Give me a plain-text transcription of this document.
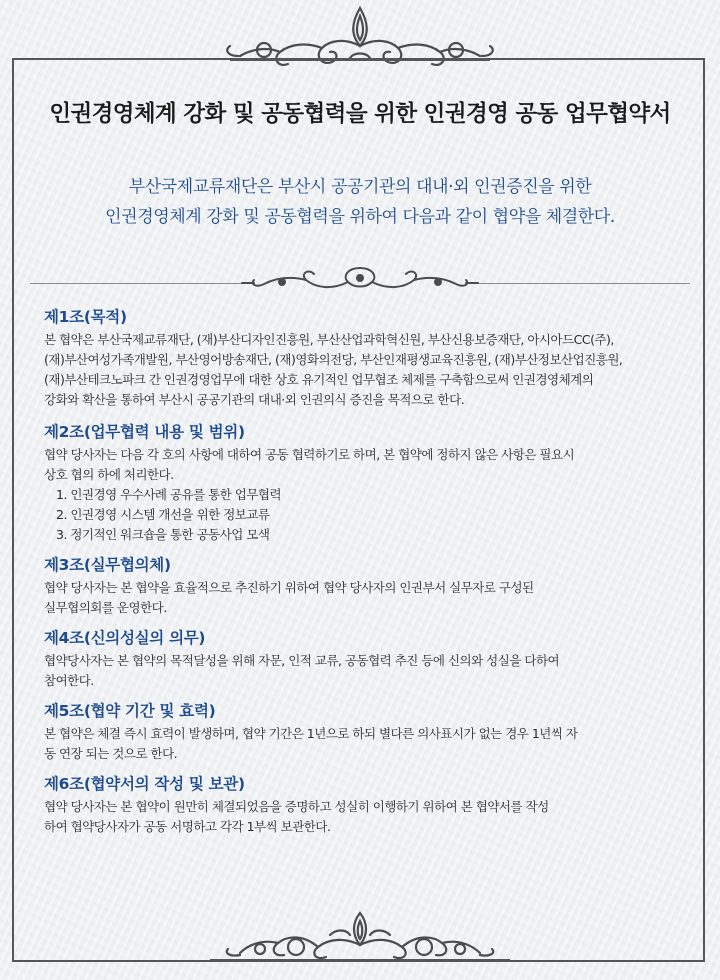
인권경영체계 강화 및 공동협력을 위한 인권경영 공동 업무협약서
부산국제교류재단은 부산시 공공기관의 대내·외 인권증진을 위한
인권경영체계 강화 및 공동협력을 위하여 다음과 같이 협약을 체결한다.
제1조(목적)
본 협약은 부산국제교류재단, (재)부산디자인진흥원, 부산산업과학혁신원, 부산신용보증재단, 아시아드CC(주),
(재)부산여성가족개발원, 부산영어방송재단, (재)영화의전당, 부산인재평생교육진흥원, (재)부산정보산업진흥원,
(재)부산테크노파크 간 인권경영업무에 대한 상호 유기적인 업무협조 체제를 구축함으로써 인권경영체계의
강화와 확산을 통하여 부산시 공공기관의 대내·외 인권의식 증진을 목적으로 한다.
제2조(업무협력 내용 및 범위)
협약 당사자는 다음 각 호의 사항에 대하여 공동 협력하기로 하며, 본 협약에 정하지 않은 사항은 필요시
상호 협의 하에 처리한다.
1. 인권경영 우수사례 공유를 통한 업무협력
2. 인권경영 시스템 개선을 위한 정보교류
3. 정기적인 워크숍을 통한 공동사업 모색
제3조(실무협의체)
협약 당사자는 본 협약을 효율적으로 추진하기 위하여 협약 당사자의 인권부서 실무자로 구성된
실무협의회를 운영한다.
제4조(신의성실의 의무)
협약당사자는 본 협약의 목적달성을 위해 자문, 인적 교류, 공동협력 추진 등에 신의와 성실을 다하여
참여한다.
제5조(협약 기간 및 효력)
본 협약은 체결 즉시 효력이 발생하며, 협약 기간은 1년으로 하되 별다른 의사표시가 없는 경우 1년씩 자
동 연장 되는 것으로 한다.
제6조(협약서의 작성 및 보관)
협약 당사자는 본 협약이 원만히 체결되었음을 증명하고 성실히 이행하기 위하여 본 협약서를 작성
하여 협약당사자가 공동 서명하고 각각 1부씩 보관한다.
